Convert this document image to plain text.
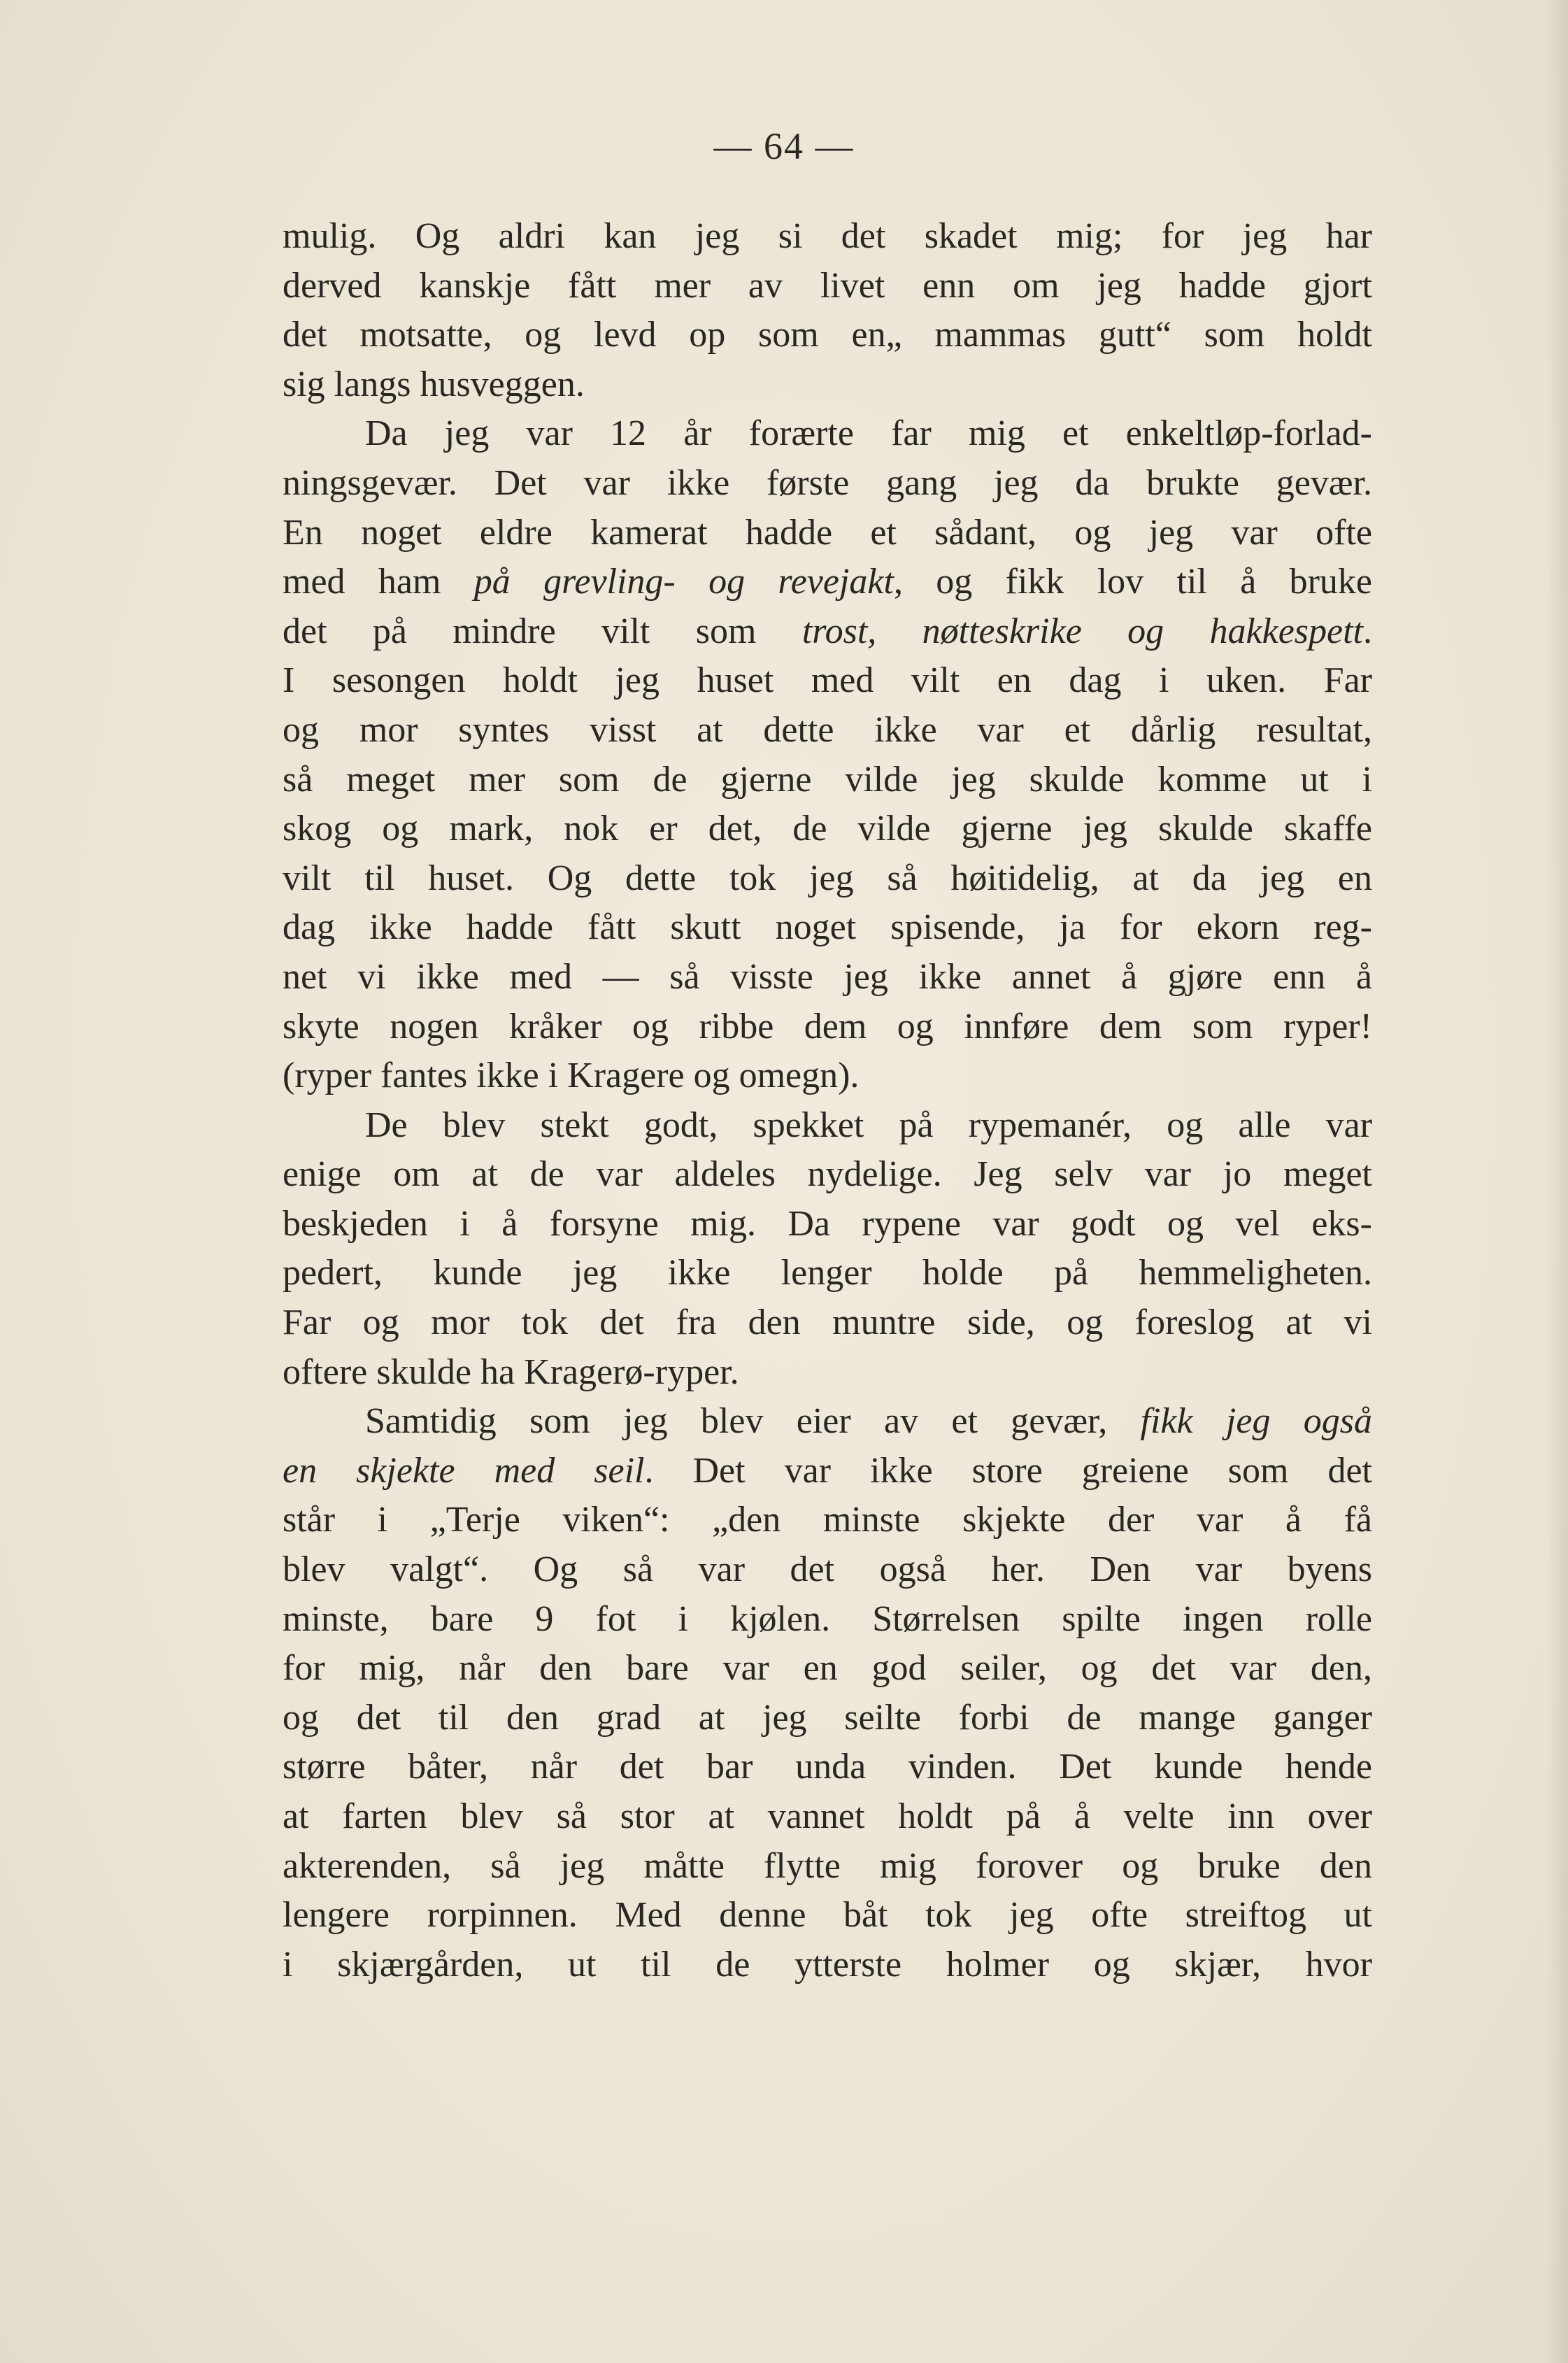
— 64 —
mulig. Og aldri kan jeg si det skadet mig; for jeg har
derved kanskje fått mer av livet enn om jeg hadde gjort
det motsatte, og levd op som en„ mammas gutt“ som holdt
sig langs husveggen.
Da jeg var 12 år forærte far mig et enkeltløp-forlad-
ningsgevær. Det var ikke første gang jeg da brukte gevær.
En noget eldre kamerat hadde et sådant, og jeg var ofte
med ham på grevling- og revejakt, og fikk lov til å bruke
det på mindre vilt som trost, nøtteskrike og hakkespett.
I sesongen holdt jeg huset med vilt en dag i uken. Far
og mor syntes visst at dette ikke var et dårlig resultat,
så meget mer som de gjerne vilde jeg skulde komme ut i
skog og mark, nok er det, de vilde gjerne jeg skulde skaffe
vilt til huset. Og dette tok jeg så høitidelig, at da jeg en
dag ikke hadde fått skutt noget spisende, ja for ekorn reg-
net vi ikke med — så visste jeg ikke annet å gjøre enn å
skyte nogen kråker og ribbe dem og innføre dem som ryper!
(ryper fantes ikke i Kragere og omegn).
De blev stekt godt, spekket på rypemanér, og alle var
enige om at de var aldeles nydelige. Jeg selv var jo meget
beskjeden i å forsyne mig. Da rypene var godt og vel eks-
pedert, kunde jeg ikke lenger holde på hemmeligheten.
Far og mor tok det fra den muntre side, og foreslog at vi
oftere skulde ha Kragerø-ryper.
Samtidig som jeg blev eier av et gevær, fikk jeg også
en skjekte med seil. Det var ikke store greiene som det
står i „Terje viken“: „den minste skjekte der var å få
blev valgt“. Og så var det også her. Den var byens
minste, bare 9 fot i kjølen. Størrelsen spilte ingen rolle
for mig, når den bare var en god seiler, og det var den,
og det til den grad at jeg seilte forbi de mange ganger
større båter, når det bar unda vinden. Det kunde hende
at farten blev så stor at vannet holdt på å velte inn over
akterenden, så jeg måtte flytte mig forover og bruke den
lengere rorpinnen. Med denne båt tok jeg ofte streiftog ut
i skjærgården, ut til de ytterste holmer og skjær, hvor
